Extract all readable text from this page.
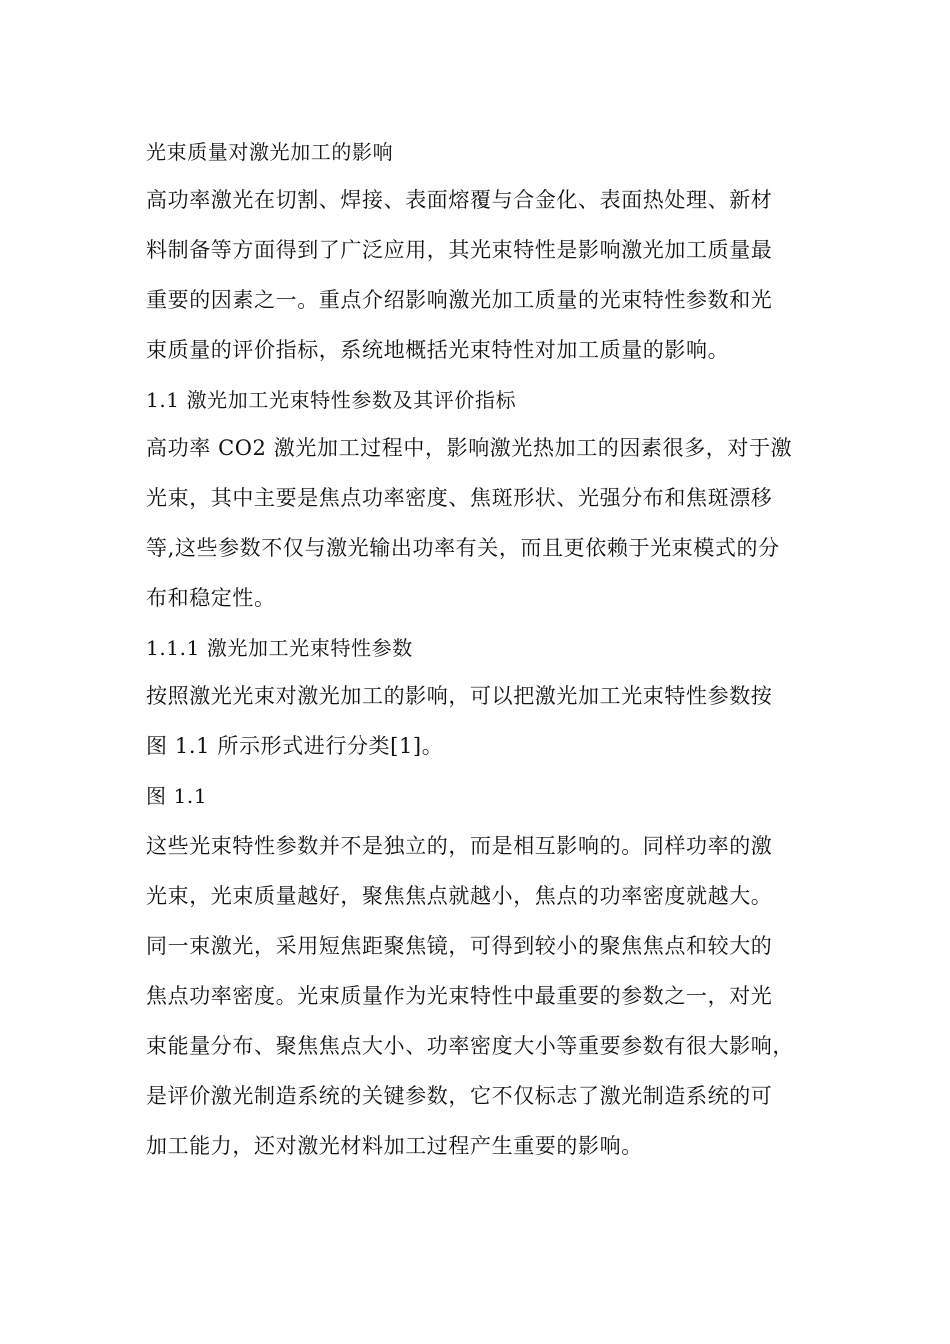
光束质量对激光加工的影响
高功率激光在切割、焊接、表面熔覆与合金化、表面热处理、新材
料制备等方面得到了广泛应用，其光束特性是影响激光加工质量最
重要的因素之一。重点介绍影响激光加工质量的光束特性参数和光
束质量的评价指标，系统地概括光束特性对加工质量的影响。
1.1 激光加工光束特性参数及其评价指标
高功率 CO2 激光加工过程中，影响激光热加工的因素很多，对于激
光束，其中主要是焦点功率密度、焦斑形状、光强分布和焦斑漂移
等,这些参数不仅与激光输出功率有关，而且更依赖于光束模式的分
布和稳定性。
1.1.1 激光加工光束特性参数
按照激光光束对激光加工的影响，可以把激光加工光束特性参数按
图 1.1 所示形式进行分类[1]。
图 1.1
这些光束特性参数并不是独立的，而是相互影响的。同样功率的激
光束，光束质量越好，聚焦焦点就越小，焦点的功率密度就越大。
同一束激光，采用短焦距聚焦镜，可得到较小的聚焦焦点和较大的
焦点功率密度。光束质量作为光束特性中最重要的参数之一，对光
束能量分布、聚焦焦点大小、功率密度大小等重要参数有很大影响，
是评价激光制造系统的关键参数，它不仅标志了激光制造系统的可
加工能力，还对激光材料加工过程产生重要的影响。
